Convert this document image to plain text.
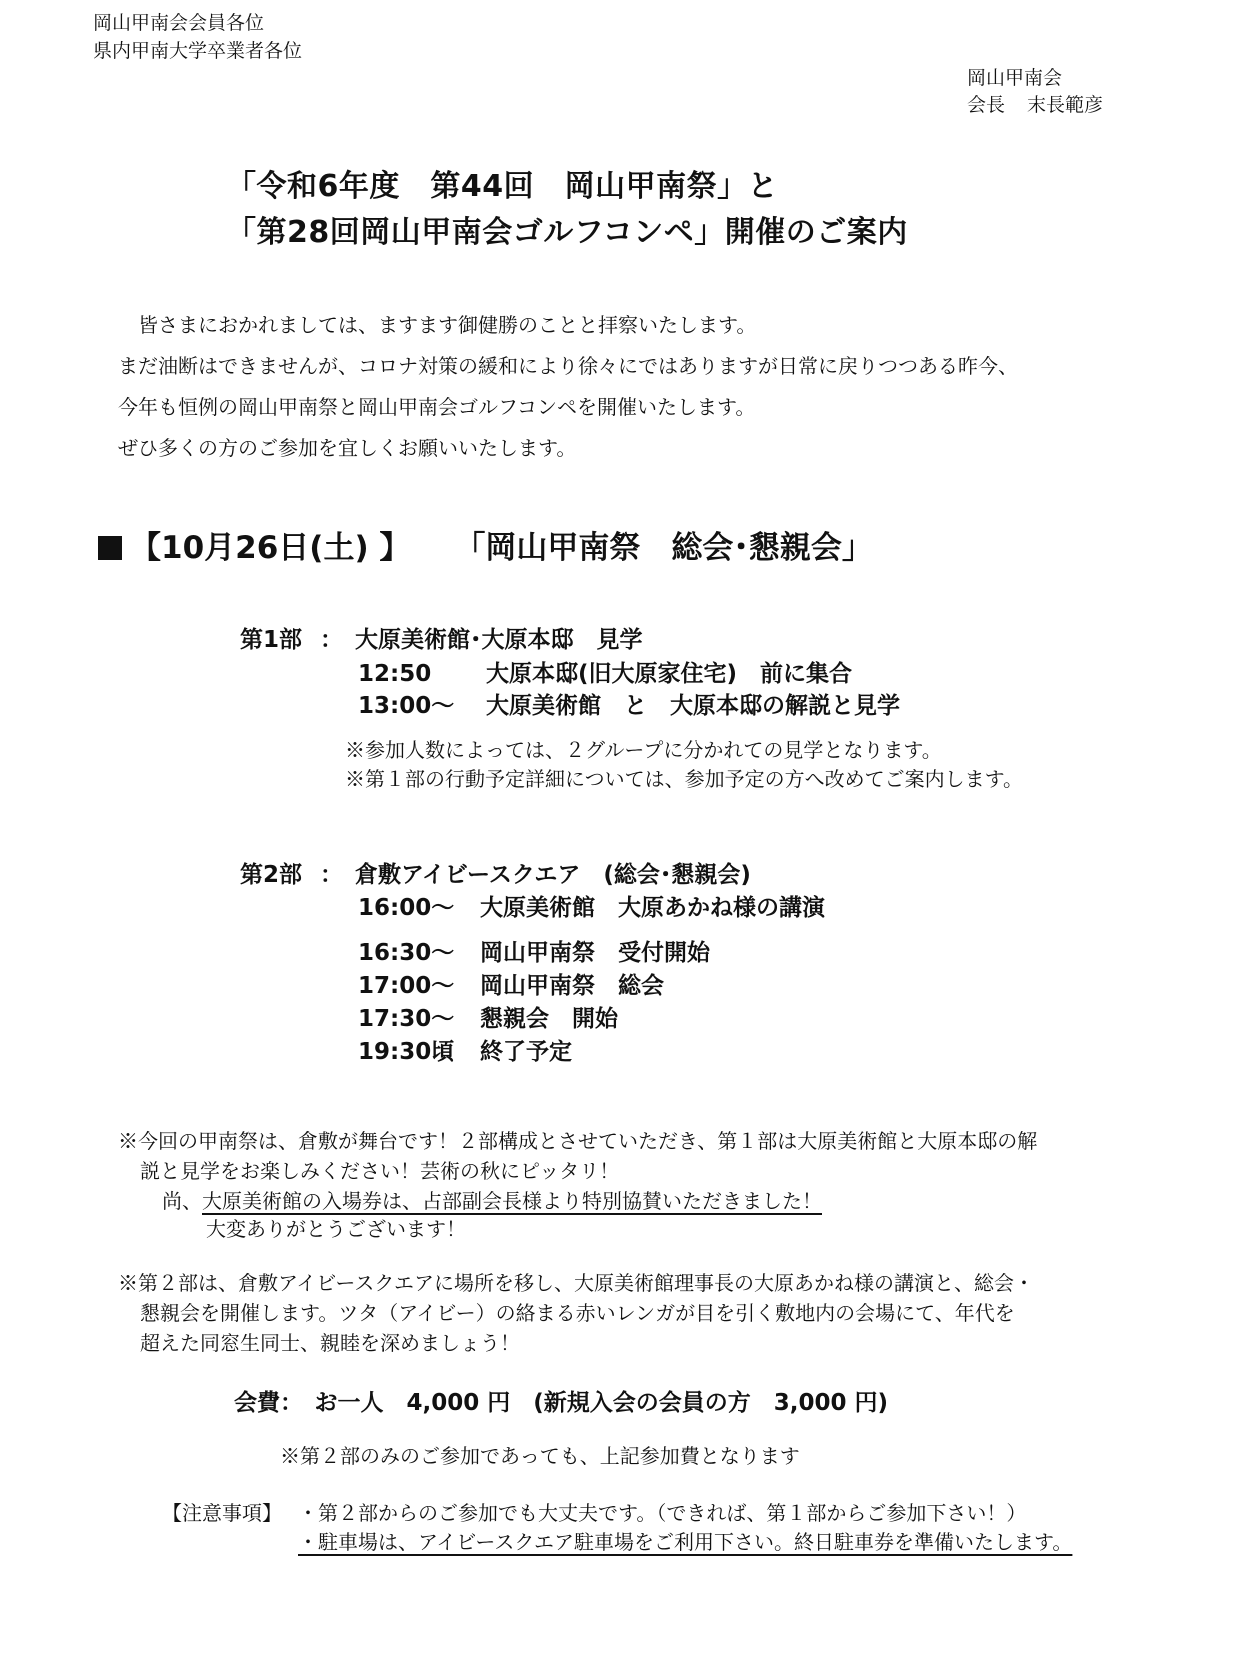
岡山甲南会会員各位
県内甲南大学卒業者各位
岡山甲南会
会長 末長範彦
「令和6年度　第44回　岡山甲南祭」と
「第28回岡山甲南会ゴルフコンペ」開催のご案内
皆さまにおかれましては、ますます御健勝のことと拝察いたします。
まだ油断はできませんが、コロナ対策の緩和により徐々にではありますが日常に戻りつつある昨今、
今年も恒例の岡山甲南祭と岡山甲南会ゴルフコンペを開催いたします。
ぜひ多くの方のご参加を宜しくお願いいたします。
【10月26日(土) 】 「岡山甲南祭　総会･懇親会」
第1部 ： 大原美術館･大原本邸　見学
12:50 大原本邸(旧大原家住宅)　前に集合
13:00～ 大原美術館　と　大原本邸の解説と見学
※参加人数によっては、２グループに分かれての見学となります。
※第１部の行動予定詳細については、参加予定の方へ改めてご案内します。
第2部 ： 倉敷アイビースクエア　(総会･懇親会)
16:00～ 大原美術館　大原あかね様の講演
16:30～ 岡山甲南祭　受付開始
17:00～ 岡山甲南祭　総会
17:30～ 懇親会　開始
19:30頃 終了予定
※今回の甲南祭は、倉敷が舞台です！２部構成とさせていただき、第１部は大原美術館と大原本邸の解
説と見学をお楽しみください！芸術の秋にピッタリ！
尚、大原美術館の入場券は、占部副会長様より特別協賛いただきました！
大変ありがとうございます！
※第２部は、倉敷アイビースクエアに場所を移し、大原美術館理事長の大原あかね様の講演と、総会・
懇親会を開催します。ツタ（アイビー）の絡まる赤いレンガが目を引く敷地内の会場にて、年代を
超えた同窓生同士、親睦を深めましょう！
会費：　お一人　4,000 円　(新規入会の会員の方　3,000 円)
※第２部のみのご参加であっても、上記参加費となります
【注意事項】 ・第２部からのご参加でも大丈夫です。（できれば、第１部からご参加下さい！）
・駐車場は、アイビースクエア駐車場をご利用下さい。終日駐車券を準備いたします。
